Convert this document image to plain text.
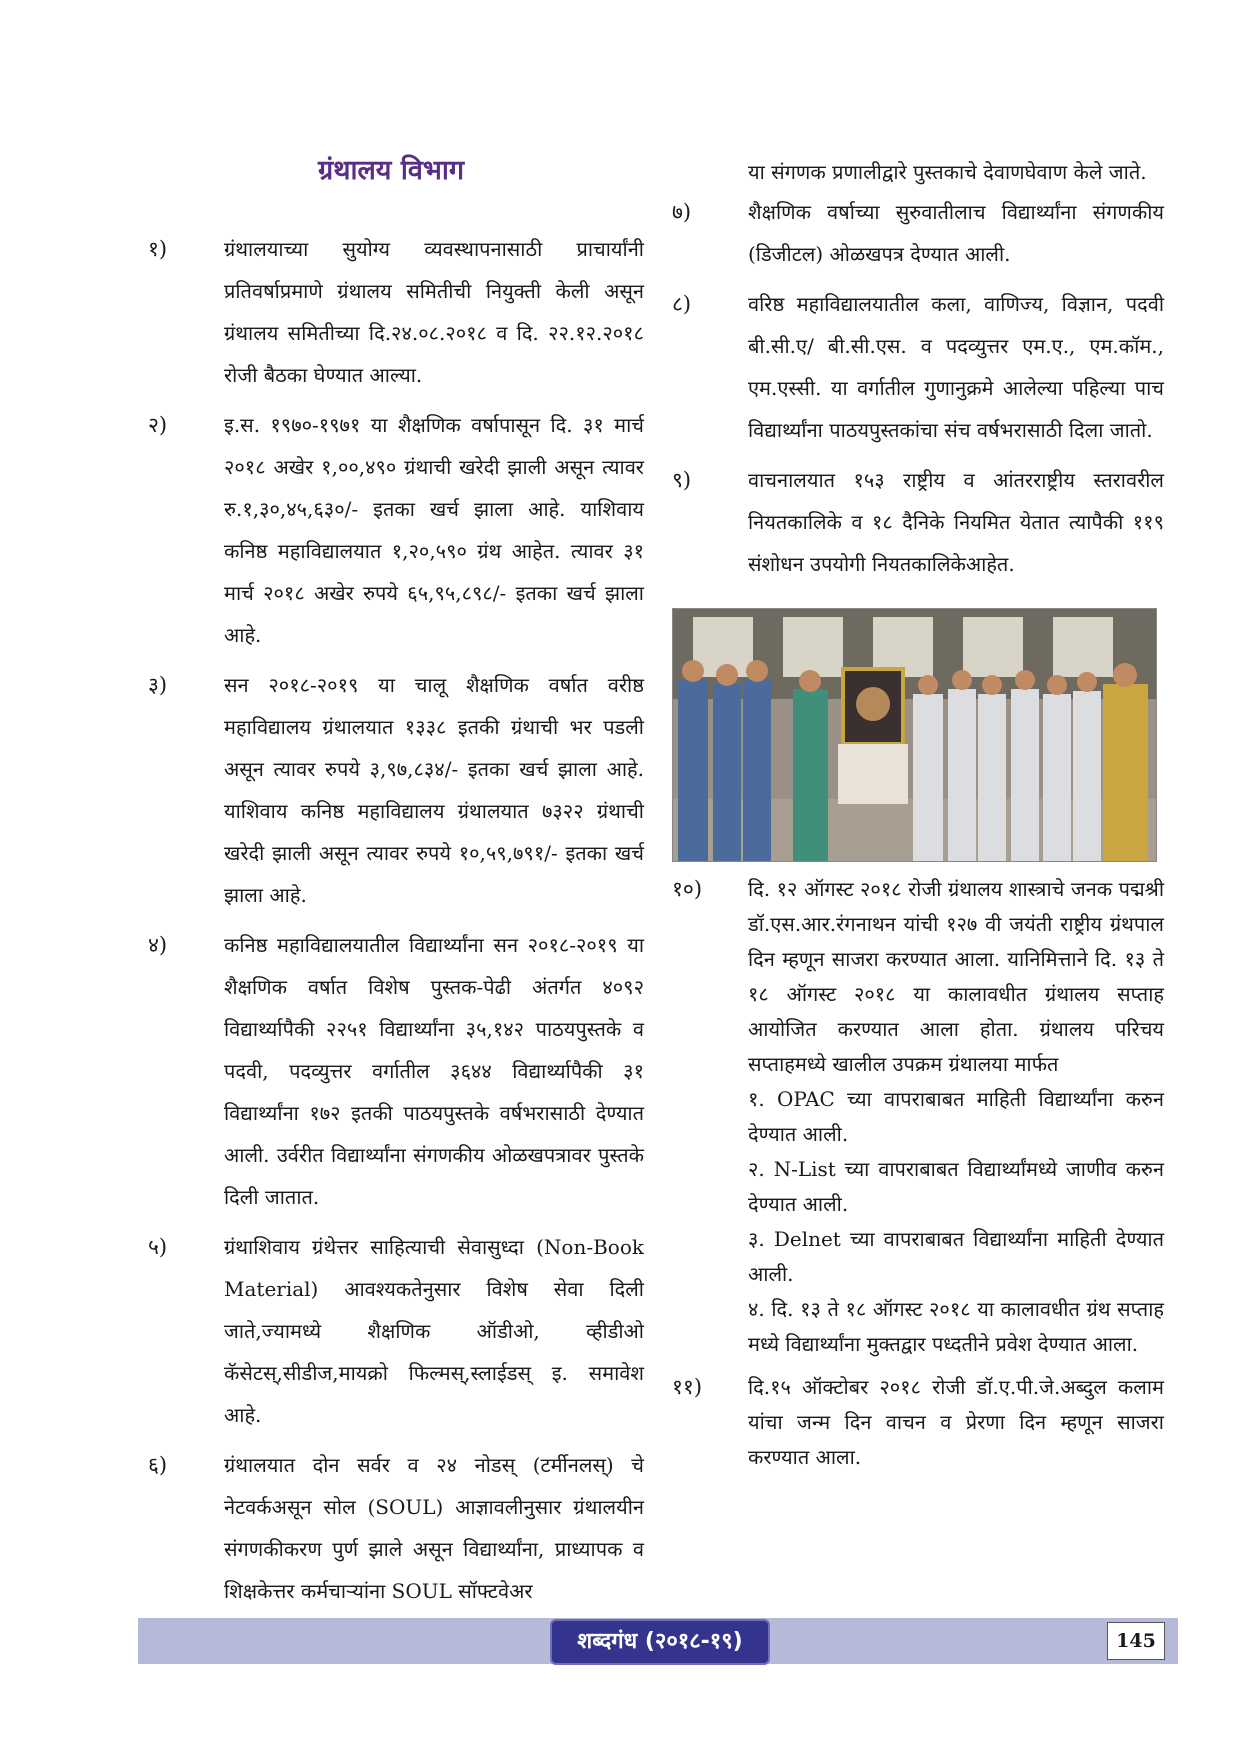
ग्रंथालय विभाग
१)	ग्रंथालयाच्या सुयोग्य व्यवस्थापनासाठी प्राचार्यांनी प्रतिवर्षाप्रमाणे ग्रंथालय समितीची नियुक्ती केली असून ग्रंथालय समितीच्या दि.२४.०८.२०१८ व दि. २२.१२.२०१८ रोजी बैठका घेण्यात आल्या.
२)	इ.स. १९७०-१९७१ या शैक्षणिक वर्षापासून दि. ३१ मार्च २०१८ अखेर १,००,४९० ग्रंथाची खरेदी झाली असून त्यावर रु.१,३०,४५,६३०/- इतका खर्च झाला आहे. याशिवाय कनिष्ठ महाविद्यालयात १,२०,५९० ग्रंथ आहेत. त्यावर ३१ मार्च २०१८ अखेर रुपये ६५,९५,८९८/- इतका खर्च झाला आहे.
३)	सन २०१८-२०१९ या चालू शैक्षणिक वर्षात वरीष्ठ महाविद्यालय ग्रंथालयात १३३८ इतकी ग्रंथाची भर पडली असून त्यावर रुपये ३,९७,८३४/- इतका खर्च झाला आहे. याशिवाय कनिष्ठ महाविद्यालय ग्रंथालयात ७३२२ ग्रंथाची खरेदी झाली असून त्यावर रुपये १०,५९,७९१/- इतका खर्च झाला आहे.
४)	कनिष्ठ महाविद्यालयातील विद्यार्थ्यांना सन २०१८-२०१९ या शैक्षणिक वर्षात विशेष पुस्तक-पेढी अंतर्गत ४०९२ विद्यार्थ्यापैकी २२५१ विद्यार्थ्यांना ३५,१४२ पाठयपुस्तके व पदवी, पदव्युत्तर वर्गातील ३६४४ विद्यार्थ्यापैकी ३१ विद्यार्थ्यांना १७२ इतकी पाठयपुस्तके वर्षभरासाठी देण्यात आली. उर्वरीत विद्यार्थ्यांना संगणकीय ओळखपत्रावर पुस्तके दिली जातात.
५)	ग्रंथाशिवाय ग्रंथेत्तर साहित्याची सेवासुध्दा (Non-Book Material) आवश्यकतेनुसार विशेष सेवा दिली जाते,ज्यामध्ये शैक्षणिक ऑडीओ, व्हीडीओ कॅसेटस्,सीडीज,मायक्रो फिल्मस्,स्लाईडस् इ. समावेश आहे.
६)	ग्रंथालयात दोन सर्वर व २४ नोडस् (टर्मीनलस्) चे नेटवर्कअसून सोल (SOUL) आज्ञावलीनुसार ग्रंथालयीन संगणकीकरण पुर्ण झाले असून विद्यार्थ्यांना, प्राध्यापक व शिक्षकेत्तर कर्मचाऱ्यांना SOUL सॉफ्टवेअर
या संगणक प्रणालीद्वारे पुस्तकाचे देवाणघेवाण केले जाते.
७)	शैक्षणिक वर्षाच्या सुरुवातीलाच विद्यार्थ्यांना संगणकीय (डिजीटल) ओळखपत्र देण्यात आली.
८)	वरिष्ठ महाविद्यालयातील कला, वाणिज्य, विज्ञान, पदवी बी.सी.ए/ बी.सी.एस. व पदव्युत्तर एम.ए., एम.कॉम., एम.एस्सी. या वर्गातील गुणानुक्रमे आलेल्या पहिल्या पाच विद्यार्थ्यांना पाठयपुस्तकांचा संच वर्षभरासाठी दिला जातो.
९)	वाचनालयात १५३ राष्ट्रीय व आंतरराष्ट्रीय स्तरावरील नियतकालिके व १८ दैनिके नियमित येतात त्यापैकी ११९ संशोधन उपयोगी नियतकालिकेआहेत.
१०) दि. १२ ऑगस्ट २०१८ रोजी ग्रंथालय शास्त्राचे जनक पद्मश्री डॉ.एस.आर.रंगनाथन यांची १२७ वी जयंती राष्ट्रीय ग्रंथपाल दिन म्हणून साजरा करण्यात आला. यानिमित्ताने दि. १३ ते १८ ऑगस्ट २०१८ या कालावधीत ग्रंथालय सप्ताह आयोजित करण्यात आला होता. ग्रंथालय परिचय सप्ताहमध्ये खालील उपक्रम ग्रंथालया मार्फत
१. OPAC च्या वापराबाबत माहिती विद्यार्थ्यांना करुन देण्यात आली.
२. N-List च्या वापराबाबत विद्यार्थ्यांमध्ये जाणीव करुन देण्यात आली.
३. Delnet च्या वापराबाबत विद्यार्थ्यांना माहिती देण्यात आली.
४. दि. १३ ते १८ ऑगस्ट २०१८ या कालावधीत ग्रंथ सप्ताह मध्ये विद्यार्थ्यांना मुक्तद्वार पध्दतीने प्रवेश देण्यात आला.
११) दि.१५ ऑक्टोबर २०१८ रोजी डॉ.ए.पी.जे.अब्दुल कलाम यांचा जन्म दिन वाचन व प्रेरणा दिन म्हणून साजरा करण्यात आला.
शब्दगंध (२०१८-१९)	145
